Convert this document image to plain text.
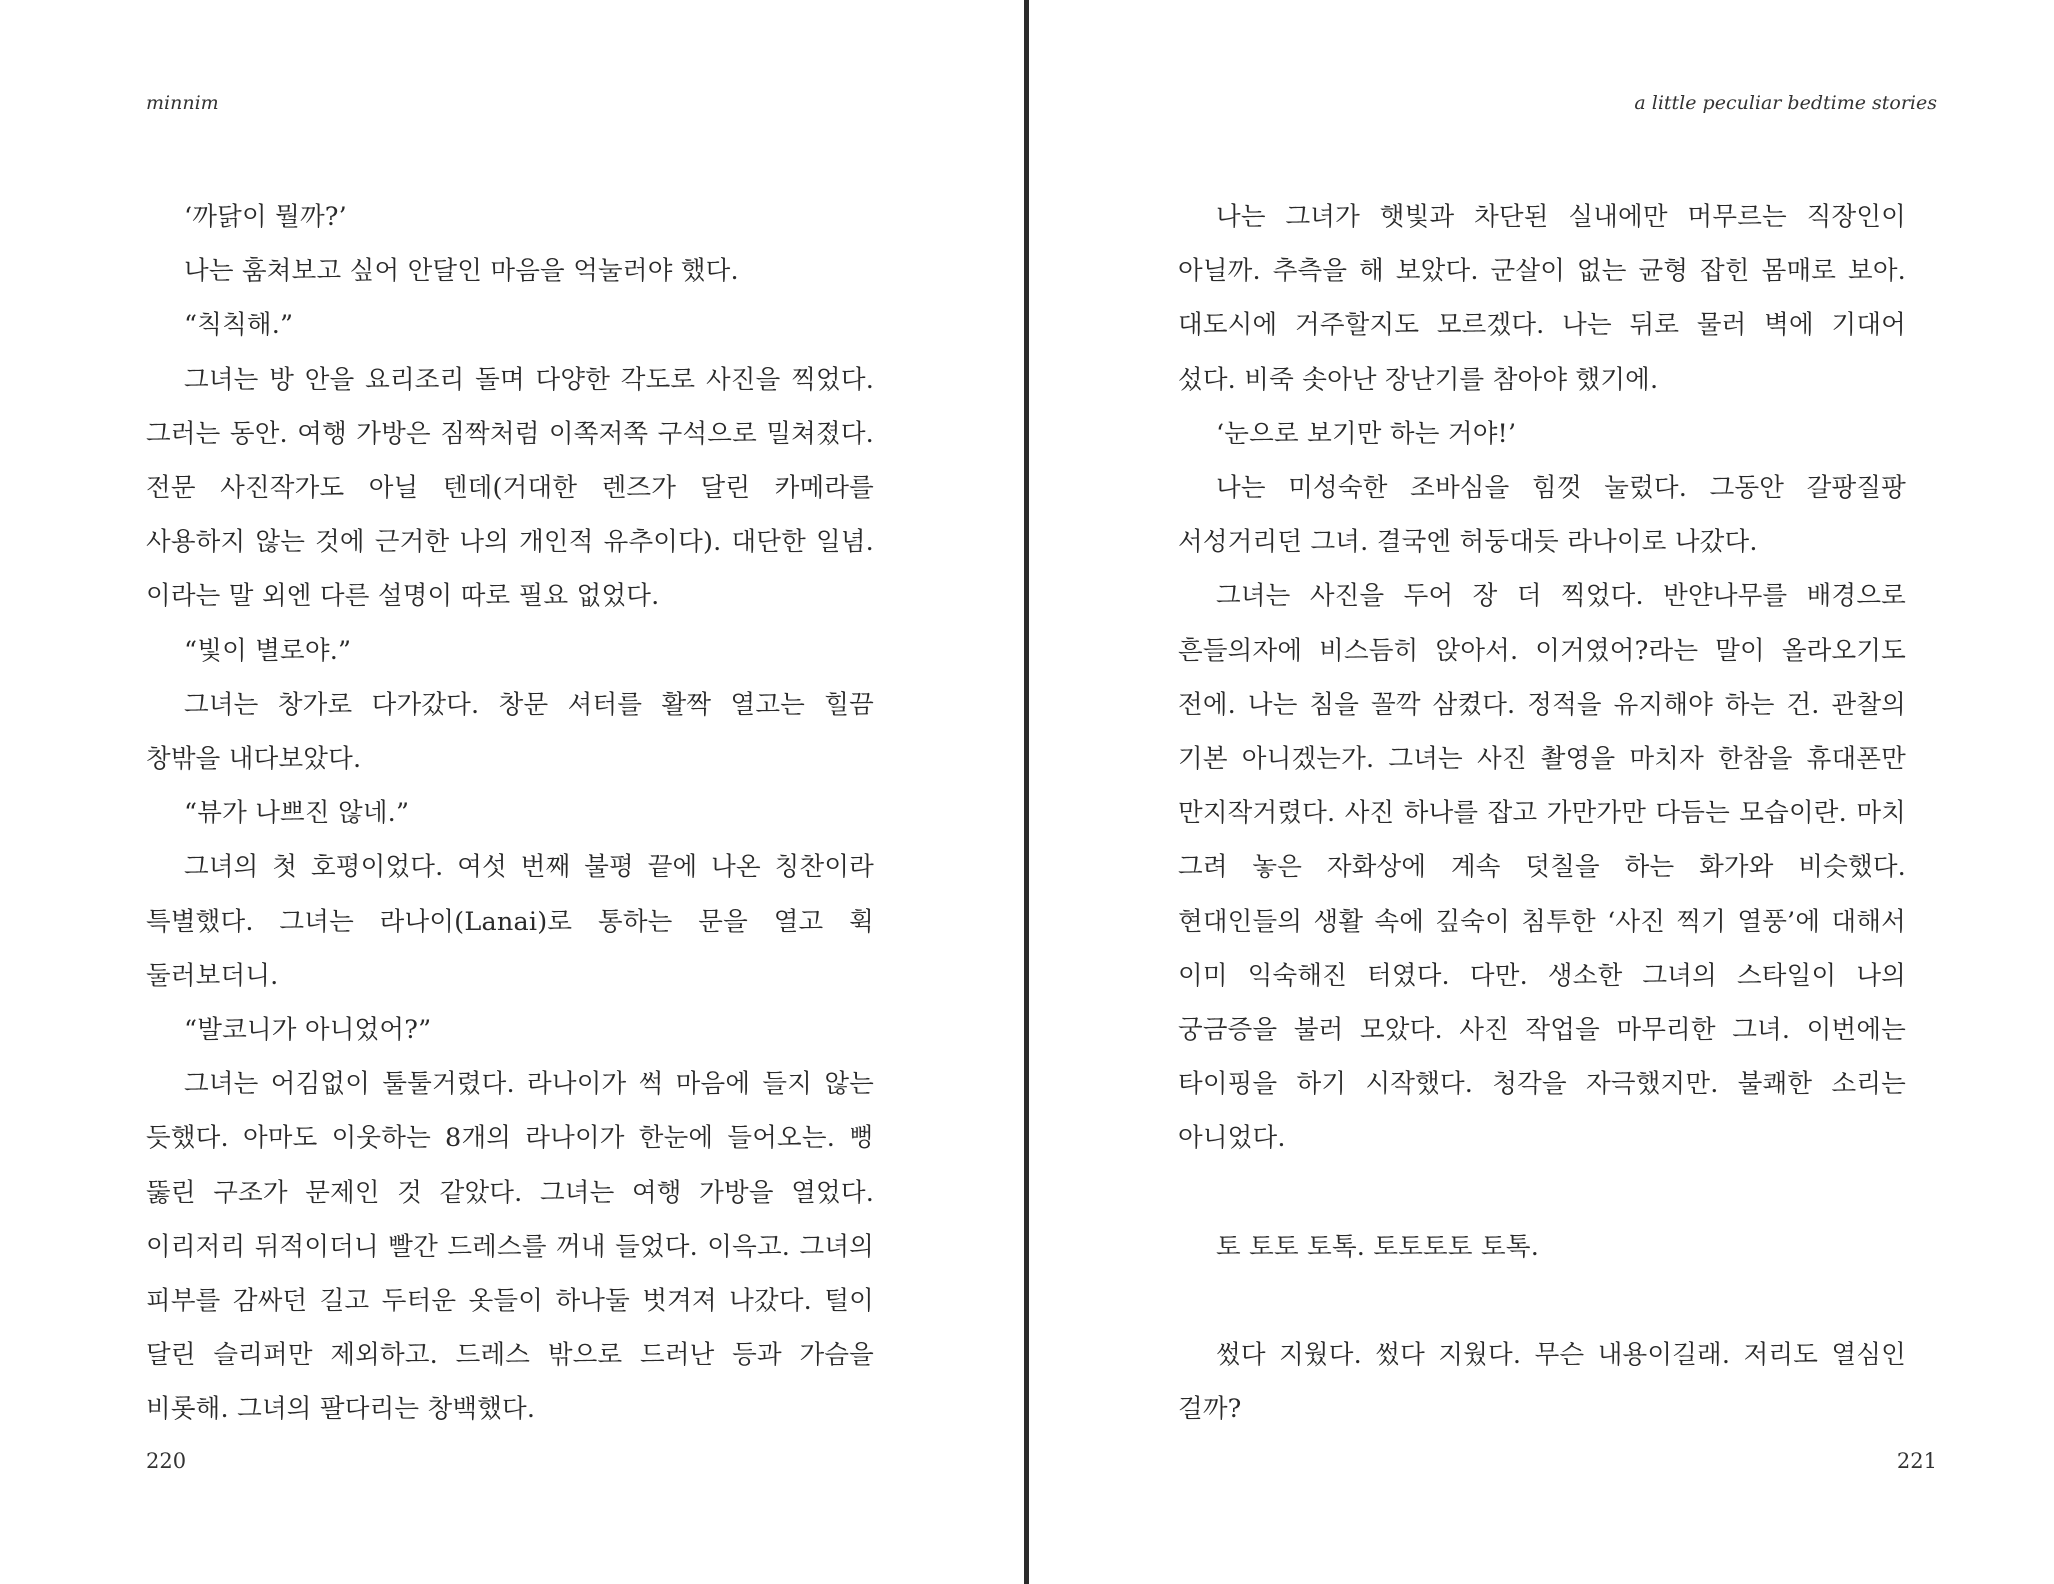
minnim

‘까닭이 뭘까?’

나는 훔쳐보고 싶어 안달인 마음을 억눌러야 했다.

“칙칙해.”

그녀는 방 안을 요리조리 돌며 다양한 각도로 사진을 찍었다. 그러는 동안. 여행 가방은 짐짝처럼 이쪽저쪽 구석으로 밀쳐졌다. 전문 사진작가도 아닐 텐데(거대한 렌즈가 달린 카메라를 사용하지 않는 것에 근거한 나의 개인적 유추이다). 대단한 일념.이라는 말 외엔 다른 설명이 따로 필요 없었다.

“빛이 별로야.”

그녀는 창가로 다가갔다. 창문 셔터를 활짝 열고는 힐끔 창밖을 내다보았다.

“뷰가 나쁘진 않네.”

그녀의 첫 호평이었다. 여섯 번째 불평 끝에 나온 칭찬이라 특별했다. 그녀는 라나이(Lanai)로 통하는 문을 열고 휙 둘러보더니.

“발코니가 아니었어?”

그녀는 어김없이 툴툴거렸다. 라나이가 썩 마음에 들지 않는 듯했다. 아마도 이웃하는 8개의 라나이가 한눈에 들어오는. 뻥 뚫린 구조가 문제인 것 같았다. 그녀는 여행 가방을 열었다. 이리저리 뒤적이더니 빨간 드레스를 꺼내 들었다. 이윽고. 그녀의 피부를 감싸던 길고 두터운 옷들이 하나둘 벗겨져 나갔다. 털이 달린 슬리퍼만 제외하고. 드레스 밖으로 드러난 등과 가슴을 비롯해. 그녀의 팔다리는 창백했다.

220
a little peculiar bedtime stories

나는 그녀가 햇빛과 차단된 실내에만 머무르는 직장인이 아닐까. 추측을 해 보았다. 군살이 없는 균형 잡힌 몸매로 보아. 대도시에 거주할지도 모르겠다. 나는 뒤로 물러 벽에 기대어 섰다. 비죽 솟아난 장난기를 참아야 했기에.

‘눈으로 보기만 하는 거야!’

나는 미성숙한 조바심을 힘껏 눌렀다. 그동안 갈팡질팡 서성거리던 그녀. 결국엔 허둥대듯 라나이로 나갔다.

그녀는 사진을 두어 장 더 찍었다. 반얀나무를 배경으로 흔들의자에 비스듬히 앉아서. 이거였어?라는 말이 올라오기도 전에. 나는 침을 꼴깍 삼켰다. 정적을 유지해야 하는 건. 관찰의 기본 아니겠는가. 그녀는 사진 촬영을 마치자 한참을 휴대폰만 만지작거렸다. 사진 하나를 잡고 가만가만 다듬는 모습이란. 마치 그려 놓은 자화상에 계속 덧칠을 하는 화가와 비슷했다. 현대인들의 생활 속에 깊숙이 침투한 ‘사진 찍기 열풍’에 대해서 이미 익숙해진 터였다. 다만. 생소한 그녀의 스타일이 나의 궁금증을 불러 모았다. 사진 작업을 마무리한 그녀. 이번에는 타이핑을 하기 시작했다. 청각을 자극했지만. 불쾌한 소리는 아니었다.

토 토토 토톡. 토토토토 토톡.

썼다 지웠다. 썼다 지웠다. 무슨 내용이길래. 저리도 열심인 걸까?

221
